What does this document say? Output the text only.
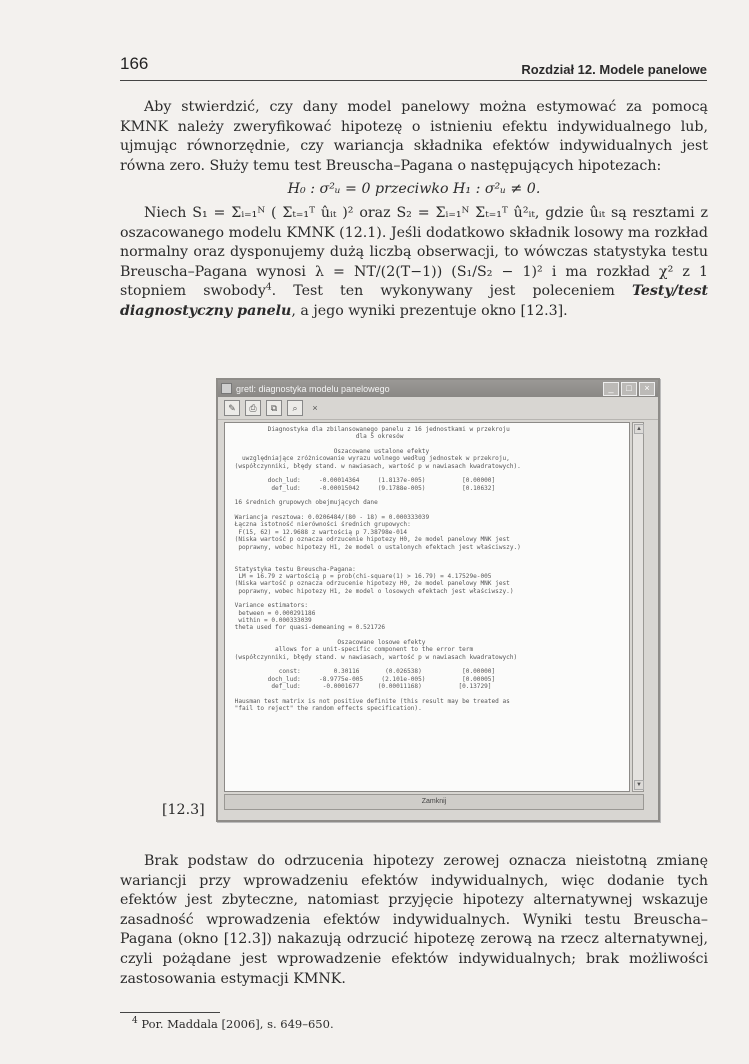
166	Rozdział 12. Modele panelowe

Aby stwierdzić, czy dany model panelowy można estymować za pomocą KMNK należy zweryfikować hipotezę o istnieniu efektu indywidualnego lub, ujmując równorzędnie, czy wariancja składnika efektów indywidualnych jest równa zero. Służy temu test Breuscha–Pagana o następujących hipotezach:

H₀ : σ²ᵤ = 0 przeciwko H₁ : σ²ᵤ ≠ 0.

Niech S₁ = Σᵢ₌₁ᴺ ( Σₜ₌₁ᵀ ûᵢₜ )² oraz S₂ = Σᵢ₌₁ᴺ Σₜ₌₁ᵀ û²ᵢₜ, gdzie ûᵢₜ są resztami z oszacowanego modelu KMNK (12.1). Jeśli dodatkowo składnik losowy ma rozkład normalny oraz dysponujemy dużą liczbą obserwacji, to wówczas statystyka testu Breuscha–Pagana wynosi λ = NT/(2(T−1)) (S₁/S₂ − 1)² i ma rozkład χ² z 1 stopniem swobody$^4$. Test ten wykonywany jest poleceniem Testy/test diagnostyczny panelu, a jego wyniki prezentuje okno [12.3].

gretl: diagnostyka modelu panelowego	_	□	×
✎	⎙	⧉	⌕	×
Diagnostyka dla zbilansowanego panelu z 16 jednostkami w przekroju
dla 5 okresów

Oszacowane ustalone efekty
uwzględniające zróżnicowanie wyrazu wolnego według jednostek w przekroju,
(współczynniki, błędy stand. w nawiasach, wartość p w nawiasach kwadratowych).

doch_lud:     -0.00014364     (1.8137e-005)          [0.00000]
def_lud:     -0.00015042     (9.1788e-005)          [0.10632]

16 średnich grupowych obejmujących dane

Wariancja resztowa: 0.0206484/(80 - 18) = 0.000333039
Łączna istotność nierówności średnich grupowych:
F(15, 62) = 12.9688 z wartością p 7.38798e-014
(Niska wartość p oznacza odrzucenie hipotezy H0, że model panelowy MNK jest
poprawny, wobec hipotezy H1, że model o ustalonych efektach jest właściwszy.)

Statystyka testu Breuscha-Pagana:
LM = 16.79 z wartością p = prob(chi-square(1) > 16.79) = 4.17529e-005
(Niska wartość p oznacza odrzucenie hipotezy H0, że model panelowy MNK jest
poprawny, wobec hipotezy H1, że model o losowych efektach jest właściwszy.)

Variance estimators:
between = 0.000291186
within = 0.000333039
theta used for quasi-demeaning = 0.521726

Oszacowane losowe efekty
allows for a unit-specific component to the error term
(współczynniki, błędy stand. w nawiasach, wartość p w nawiasach kwadratowych)

const:         0.30116       (0.026538)           [0.00000]
doch_lud:     -8.9775e-005     (2.101e-005)          [0.00005]
def_lud:      -0.0001677     (0.00011168)          [0.13729]

Hausman test matrix is not positive definite (this result may be treated as
"fail to reject" the random effects specification).
▲
▼
Zamknij
[12.3]

Brak podstaw do odrzucenia hipotezy zerowej oznacza nieistotną zmianę wariancji przy wprowadzeniu efektów indywidualnych, więc dodanie tych efektów jest zbyteczne, natomiast przyjęcie hipotezy alternatywnej wskazuje zasadność wprowadzenia efektów indywidualnych. Wyniki testu Breuscha–Pagana (okno [12.3]) nakazują odrzucić hipotezę zerową na rzecz alternatywnej, czyli pożądane jest wprowadzenie efektów indywidualnych; brak możliwości zastosowania estymacji KMNK.

$^4$ Por. Maddala [2006], s. 649–650.
